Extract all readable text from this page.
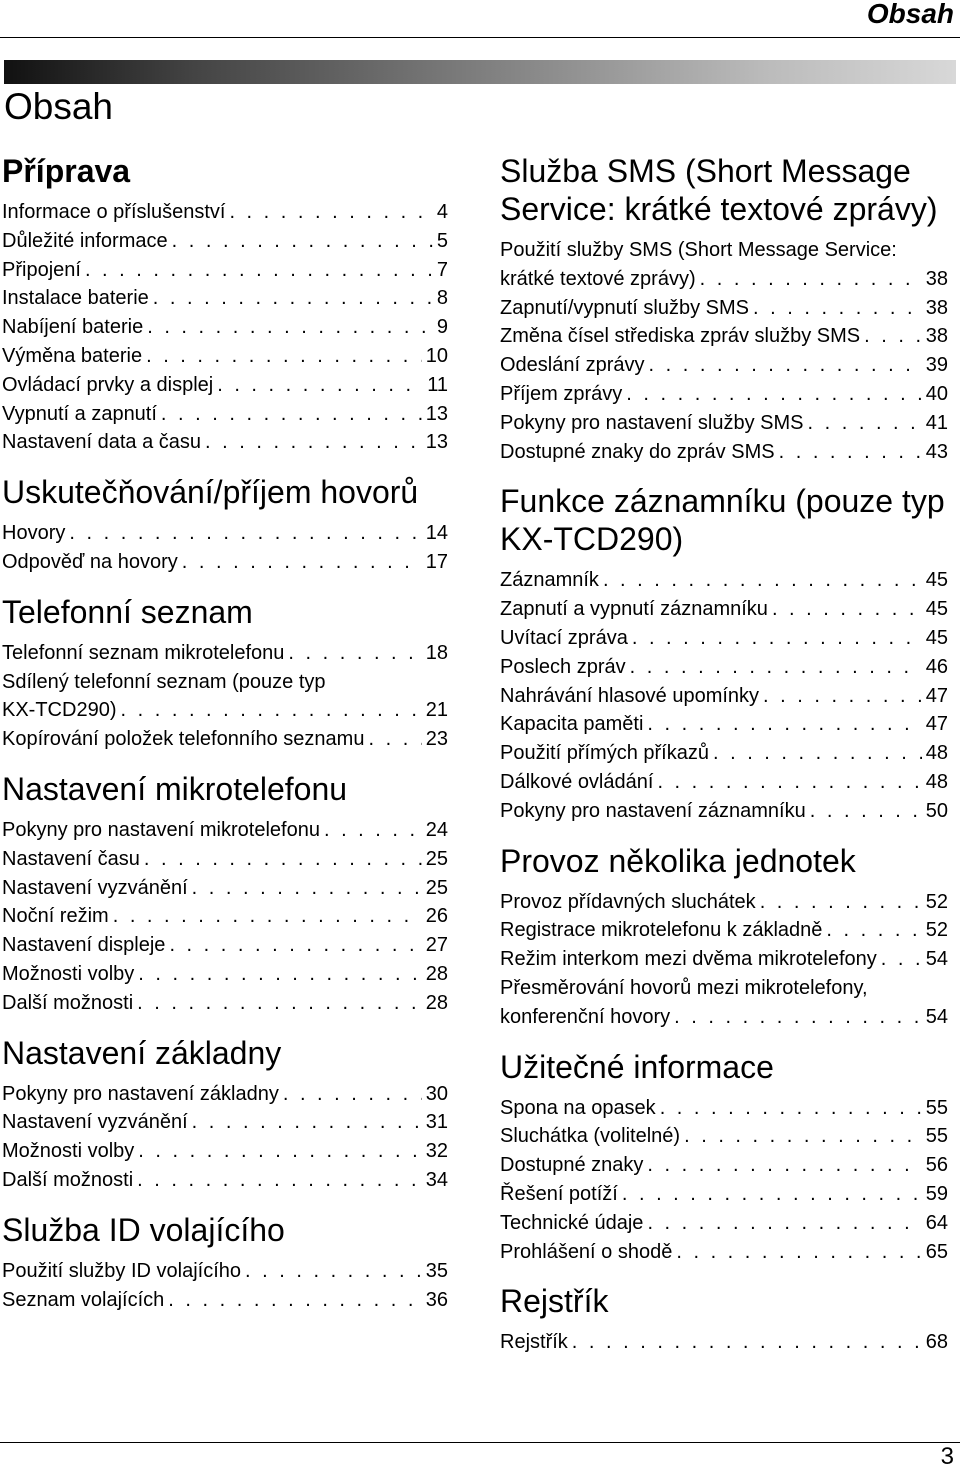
Obsah
Obsah
Příprava
Informace o příslušenství . . .	4
Důležité informace . . .	5
Připojení . . .	7
Instalace baterie . . .	8
Nabíjení baterie . . .	9
Výměna baterie . . .	10
Ovládací prvky a displej . . .	11
Vypnutí a zapnutí . . .	13
Nastavení data a času . . .	13
Uskutečňování/příjem hovorů
Hovory . . .	14
Odpověď na hovory . . .	17
Telefonní seznam
Telefonní seznam mikrotelefonu . . .	18
Sdílený telefonní seznam (pouze typ
KX-TCD290) . . .	21
Kopírování položek telefonního seznamu . . .	23
Nastavení mikrotelefonu
Pokyny pro nastavení mikrotelefonu . . .	24
Nastavení času . . .	25
Nastavení vyzvánění . . .	25
Noční režim . . .	26
Nastavení displeje . . .	27
Možnosti volby . . .	28
Další možnosti . . .	28
Nastavení základny
Pokyny pro nastavení základny . . .	30
Nastavení vyzvánění . . .	31
Možnosti volby . . .	32
Další možnosti . . .	34
Služba ID volajícího
Použití služby ID volajícího . . .	35
Seznam volajících . . .	36
Služba SMS (Short Message Service: krátké textové zprávy)
Použití služby SMS (Short Message Service:
krátké textové zprávy) . . .	38
Zapnutí/vypnutí služby SMS . . .	38
Změna čísel střediska zpráv služby SMS . . .	38
Odeslání zprávy . . .	39
Příjem zprávy . . .	40
Pokyny pro nastavení služby SMS . . .	41
Dostupné znaky do zpráv SMS . . .	43
Funkce záznamníku (pouze typ KX-TCD290)
Záznamník . . .	45
Zapnutí a vypnutí záznamníku . . .	45
Uvítací zpráva . . .	45
Poslech zpráv . . .	46
Nahrávání hlasové upomínky . . .	47
Kapacita paměti . . .	47
Použití přímých příkazů . . .	48
Dálkové ovládání . . .	48
Pokyny pro nastavení záznamníku . . .	50
Provoz několika jednotek
Provoz přídavných sluchátek . . .	52
Registrace mikrotelefonu k základně . . .	52
Režim interkom mezi dvěma mikrotelefony . . . 54
Přesměrování hovorů mezi mikrotelefony,
konferenční hovory . . .	54
Užitečné informace
Spona na opasek . . .	55
Sluchátka (volitelné) . . .	55
Dostupné znaky . . .	56
Řešení potíží . . .	59
Technické údaje . . .	64
Prohlášení o shodě . . .	65
Rejstřík
Rejstřík . . .	68
3
